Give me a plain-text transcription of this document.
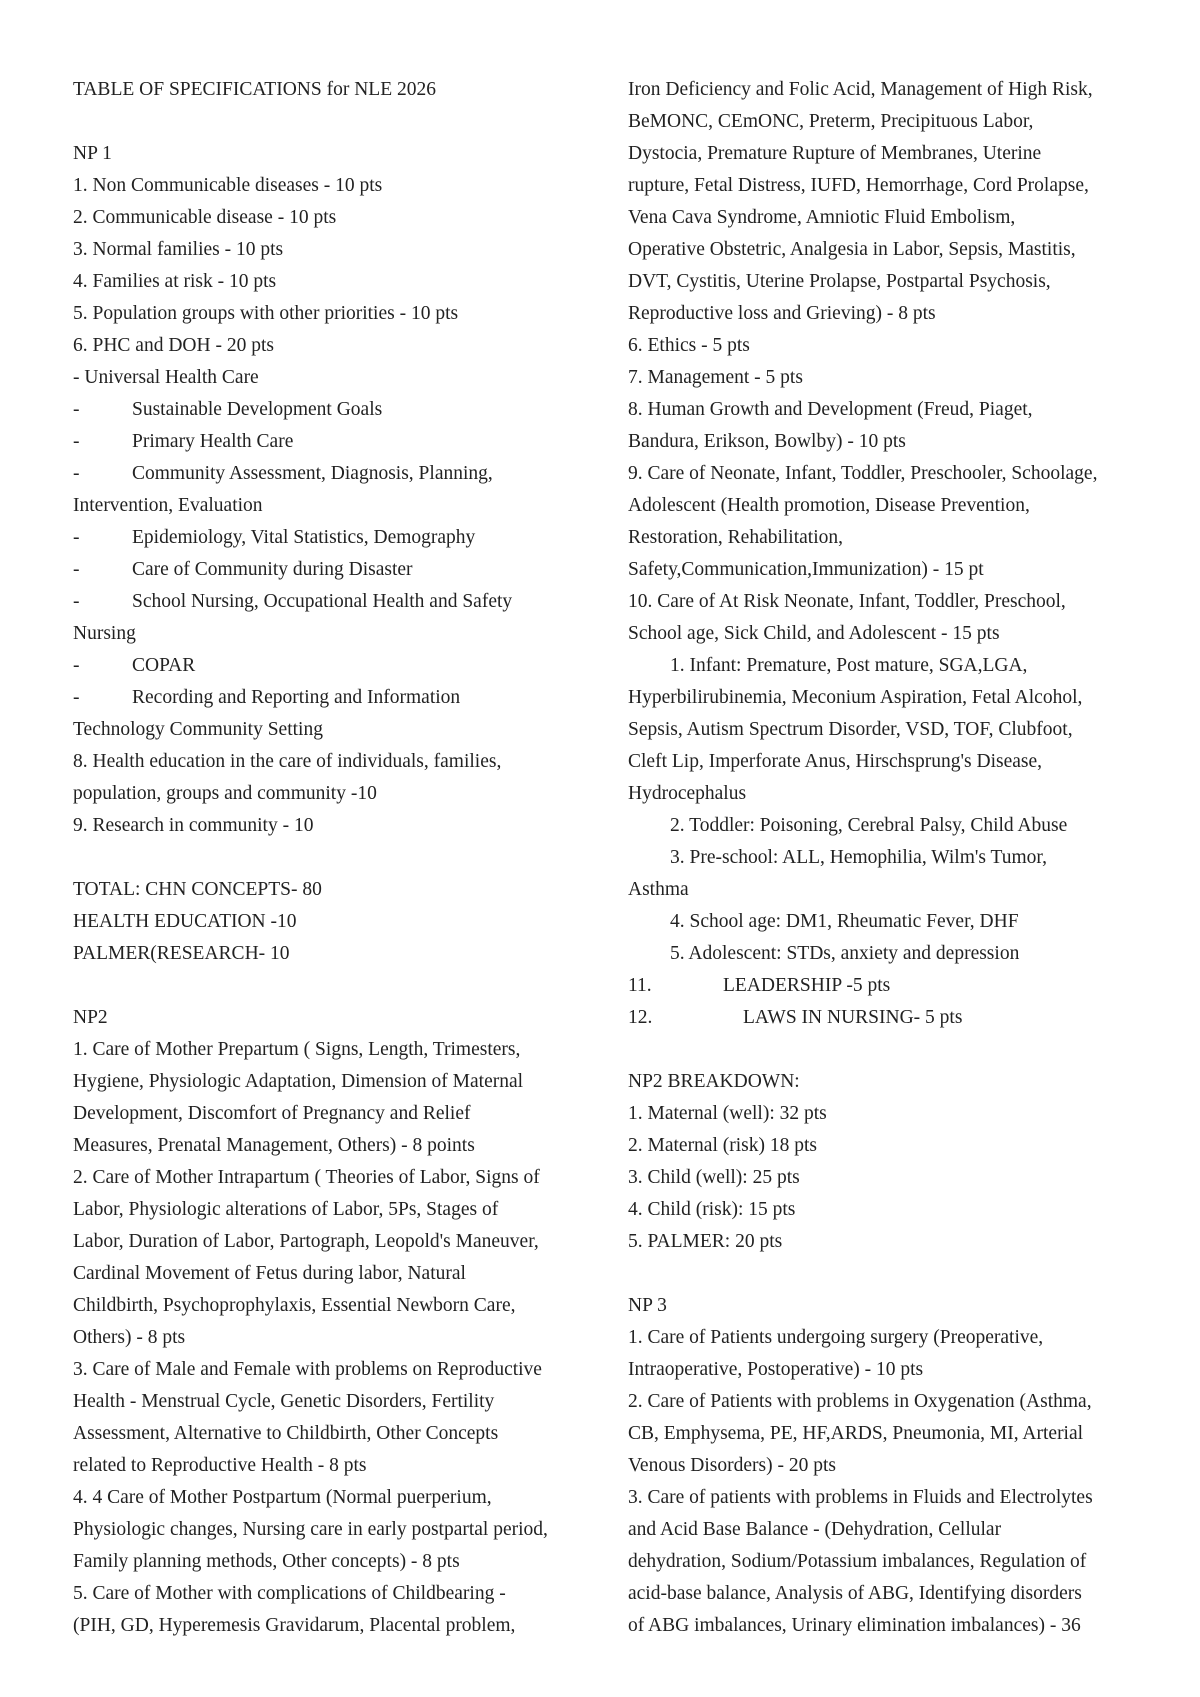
TABLE OF SPECIFICATIONS for NLE 2026
NP 1
1. Non Communicable diseases - 10 pts
2. Communicable disease - 10 pts
3. Normal families - 10 pts
4. Families at risk - 10 pts
5. Population groups with other priorities - 10 pts
6. PHC and DOH - 20 pts
- Universal Health Care
-	Sustainable Development Goals
-	Primary Health Care
-	Community Assessment, Diagnosis, Planning,
Intervention, Evaluation
-	Epidemiology, Vital Statistics, Demography
-	Care of Community during Disaster
-	School Nursing, Occupational Health and Safety
Nursing
-	COPAR
-	Recording and Reporting and Information
Technology Community Setting
8. Health education in the care of individuals, families,
population, groups and community -10
9. Research in community - 10
TOTAL: CHN CONCEPTS- 80
HEALTH EDUCATION -10
PALMER(RESEARCH- 10
NP2
1. Care of Mother Prepartum ( Signs, Length, Trimesters,
Hygiene, Physiologic Adaptation, Dimension of Maternal
Development, Discomfort of Pregnancy and Relief
Measures, Prenatal Management, Others) - 8 points
2. Care of Mother Intrapartum ( Theories of Labor, Signs of
Labor, Physiologic alterations of Labor, 5Ps, Stages of
Labor, Duration of Labor, Partograph, Leopold's Maneuver,
Cardinal Movement of Fetus during labor, Natural
Childbirth, Psychoprophylaxis, Essential Newborn Care,
Others) - 8 pts
3. Care of Male and Female with problems on Reproductive
Health - Menstrual Cycle, Genetic Disorders, Fertility
Assessment, Alternative to Childbirth, Other Concepts
related to Reproductive Health - 8 pts
4. 4 Care of Mother Postpartum (Normal puerperium,
Physiologic changes, Nursing care in early postpartal period,
Family planning methods, Other concepts) - 8 pts
5. Care of Mother with complications of Childbearing -
(PIH, GD, Hyperemesis Gravidarum, Placental problem,
Iron Deficiency and Folic Acid, Management of High Risk,
BeMONC, CEmONC, Preterm, Precipituous Labor,
Dystocia, Premature Rupture of Membranes, Uterine
rupture, Fetal Distress, IUFD, Hemorrhage, Cord Prolapse,
Vena Cava Syndrome, Amniotic Fluid Embolism,
Operative Obstetric, Analgesia in Labor, Sepsis, Mastitis,
DVT, Cystitis, Uterine Prolapse, Postpartal Psychosis,
Reproductive loss and Grieving) - 8 pts
6. Ethics - 5 pts
7. Management - 5 pts
8. Human Growth and Development (Freud, Piaget,
Bandura, Erikson, Bowlby) - 10 pts
9. Care of Neonate, Infant, Toddler, Preschooler, Schoolage,
Adolescent (Health promotion, Disease Prevention,
Restoration, Rehabilitation,
Safety,Communication,Immunization) - 15 pt
10. Care of At Risk Neonate, Infant, Toddler, Preschool,
School age, Sick Child, and Adolescent - 15 pts
1. Infant: Premature, Post mature, SGA,LGA,
Hyperbilirubinemia, Meconium Aspiration, Fetal Alcohol,
Sepsis, Autism Spectrum Disorder, VSD, TOF, Clubfoot,
Cleft Lip, Imperforate Anus, Hirschsprung's Disease,
Hydrocephalus
2. Toddler: Poisoning, Cerebral Palsy, Child Abuse
3. Pre-school: ALL, Hemophilia, Wilm's Tumor,
Asthma
4. School age: DM1, Rheumatic Fever, DHF
5. Adolescent: STDs, anxiety and depression
11.	LEADERSHIP -5 pts
12.	LAWS IN NURSING- 5 pts
NP2 BREAKDOWN:
1. Maternal (well): 32 pts
2. Maternal (risk) 18 pts
3. Child (well): 25 pts
4. Child (risk): 15 pts
5. PALMER: 20 pts
NP 3
1. Care of Patients undergoing surgery (Preoperative,
Intraoperative, Postoperative) - 10 pts
2. Care of Patients with problems in Oxygenation (Asthma,
CB, Emphysema, PE, HF,ARDS, Pneumonia, MI, Arterial
Venous Disorders) - 20 pts
3. Care of patients with problems in Fluids and Electrolytes
and Acid Base Balance - (Dehydration, Cellular
dehydration, Sodium/Potassium imbalances, Regulation of
acid-base balance, Analysis of ABG, Identifying disorders
of ABG imbalances, Urinary elimination imbalances) - 36
